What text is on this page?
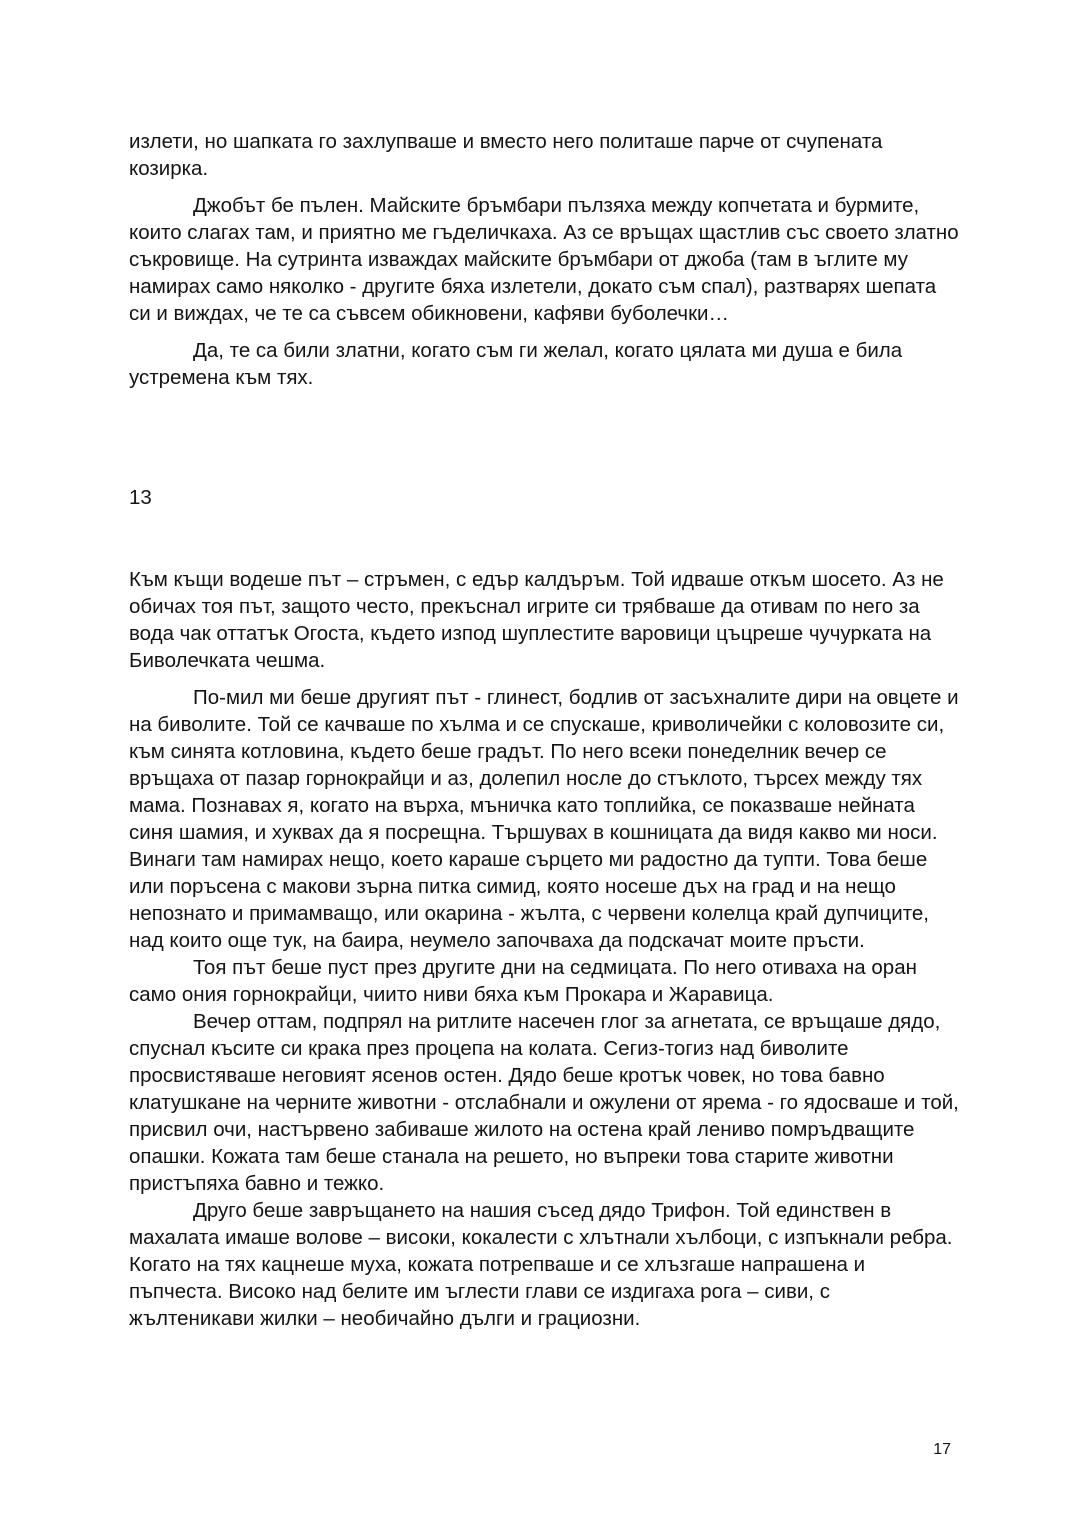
излети, но шапката го захлупваше и вместо него политаше парче от счупената козирка.

Джобът бе пълен. Майските бръмбари пълзяха между копчетата и бурмите, които слагах там, и приятно ме гъделичкаха. Аз се връщах щастлив със своето златно съкровище. На сутринта изваждах майските бръмбари от джоба (там в ъглите му намирах само няколко - другите бяха излетели, докато съм спал), разтварях шепата си и виждах, че те са съвсем обикновени, кафяви буболечки…

Да, те са били златни, когато съм ги желал, когато цялата ми душа е била устремена към тях.

13

Към къщи водеше път – стръмен, с едър калдъръм. Той идваше откъм шосето. Аз не обичах тоя път, защото често, прекъснал игрите си трябваше да отивам по него за вода чак оттатък Огоста, където изпод шуплестите варовици цъцреше чучурката на Биволечката чешма.

По-мил ми беше другият път - глинест, бодлив от засъхналите дири на овцете и на биволите. Той се качваше по хълма и се спускаше, криволичейки с коловозите си, към синята котловина, където беше градът. По него всеки понеделник вечер се връщаха от пазар горнокрайци и аз, долепил носле до стъклото, търсех между тях мама. Познавах я, когато на върха, мъничка като топлийка, се показваше нейната синя шамия, и хуквах да я посрещна. Тършувах в кошницата да видя какво ми носи. Винаги там намирах нещо, което караше сърцето ми радостно да тупти. Това беше или поръсена с макови зърна питка симид, която носеше дъх на град и на нещо непознато и примамващо, или окарина - жълта, с червени колелца край дупчиците, над които още тук, на баира, неумело започваха да подскачат моите пръсти.

Тоя път беше пуст през другите дни на седмицата. По него отиваха на оран само ония горнокрайци, чиито ниви бяха към Прокара и Жаравица.

Вечер оттам, подпрял на ритлите насечен глог за агнетата, се връщаше дядо, спуснал късите си крака през процепа на колата. Сегиз-тогиз над биволите просвистяваше неговият ясенов остен. Дядо беше кротък човек, но това бавно клатушкане на черните животни - отслабнали и ожулени от ярема - го ядосваше и той, присвил очи, настървено забиваше жилото на остена край лениво помръдващите опашки. Кожата там беше станала на решето, но въпреки това старите животни пристъпяха бавно и тежко.

Друго беше завръщането на нашия съсед дядо Трифон. Той единствен в махалата имаше волове – високи, кокалести с хлътнали хълбоци, с изпъкнали ребра. Когато на тях кацнеше муха, кожата потрепваше и се хлъзгаше напрашена и пъпчеста. Високо над белите им ъглести глави се издигаха рога – сиви, с жълтеникави жилки – необичайно дълги и грациозни.

17
